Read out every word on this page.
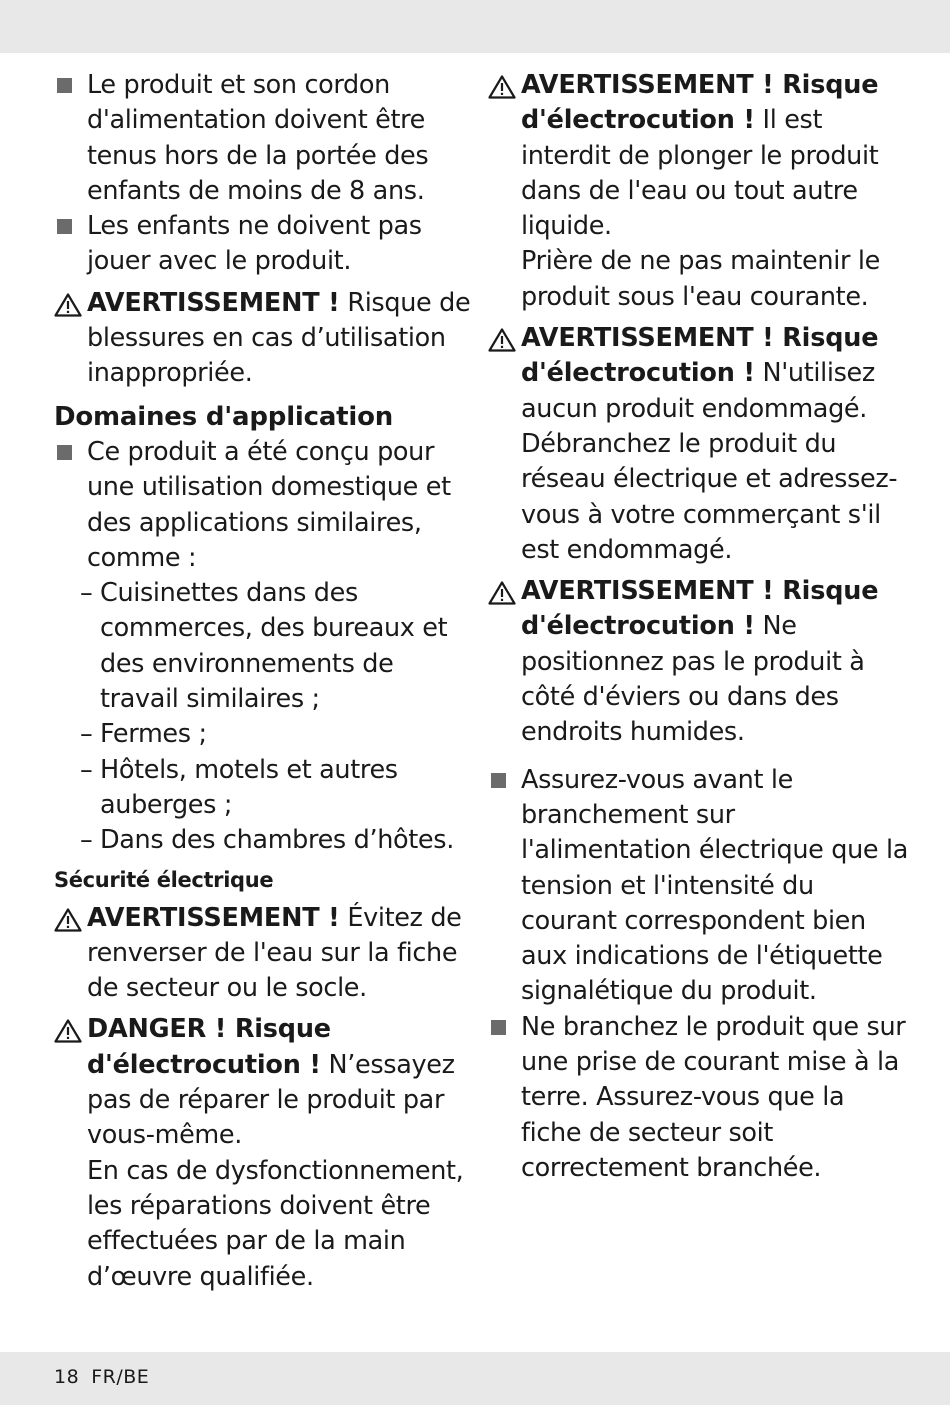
Le produit et son cordon d'alimentation doivent être tenus hors de la portée des enfants de moins de 8 ans.
Les enfants ne doivent pas jouer avec le produit.
AVERTISSEMENT ! Risque de blessures en cas d’utilisation inappropriée.
Domaines d'application
Ce produit a été conçu pour une utilisation domestique et des applications similaires, comme :
– Cuisinettes dans des commerces, des bureaux et des environnements de travail similaires ;
– Fermes ;
– Hôtels, motels et autres auberges ;
– Dans des chambres d’hôtes.
Sécurité électrique
AVERTISSEMENT ! Évitez de renverser de l'eau sur la fiche de secteur ou le socle.
DANGER ! Risque d'électrocution ! N’essayez pas de réparer le produit par vous-même.
En cas de dysfonctionnement, les réparations doivent être effectuées par de la main d’œuvre qualifiée.
AVERTISSEMENT ! Risque d'électrocution ! Il est interdit de plonger le produit dans de l'eau ou tout autre liquide.
Prière de ne pas maintenir le produit sous l'eau courante.
AVERTISSEMENT ! Risque d'électrocution ! N'utilisez aucun produit endommagé. Débranchez le produit du réseau électrique et adressez-vous à votre commerçant s'il est endommagé.
AVERTISSEMENT ! Risque d'électrocution ! Ne positionnez pas le produit à côté d'éviers ou dans des endroits humides.
Assurez-vous avant le branchement sur l'alimentation électrique que la tension et l'intensité du courant correspondent bien aux indications de l'étiquette signalétique du produit.
Ne branchez le produit que sur une prise de courant mise à la terre. Assurez-vous que la fiche de secteur soit correctement branchée.
18 FR/BE
